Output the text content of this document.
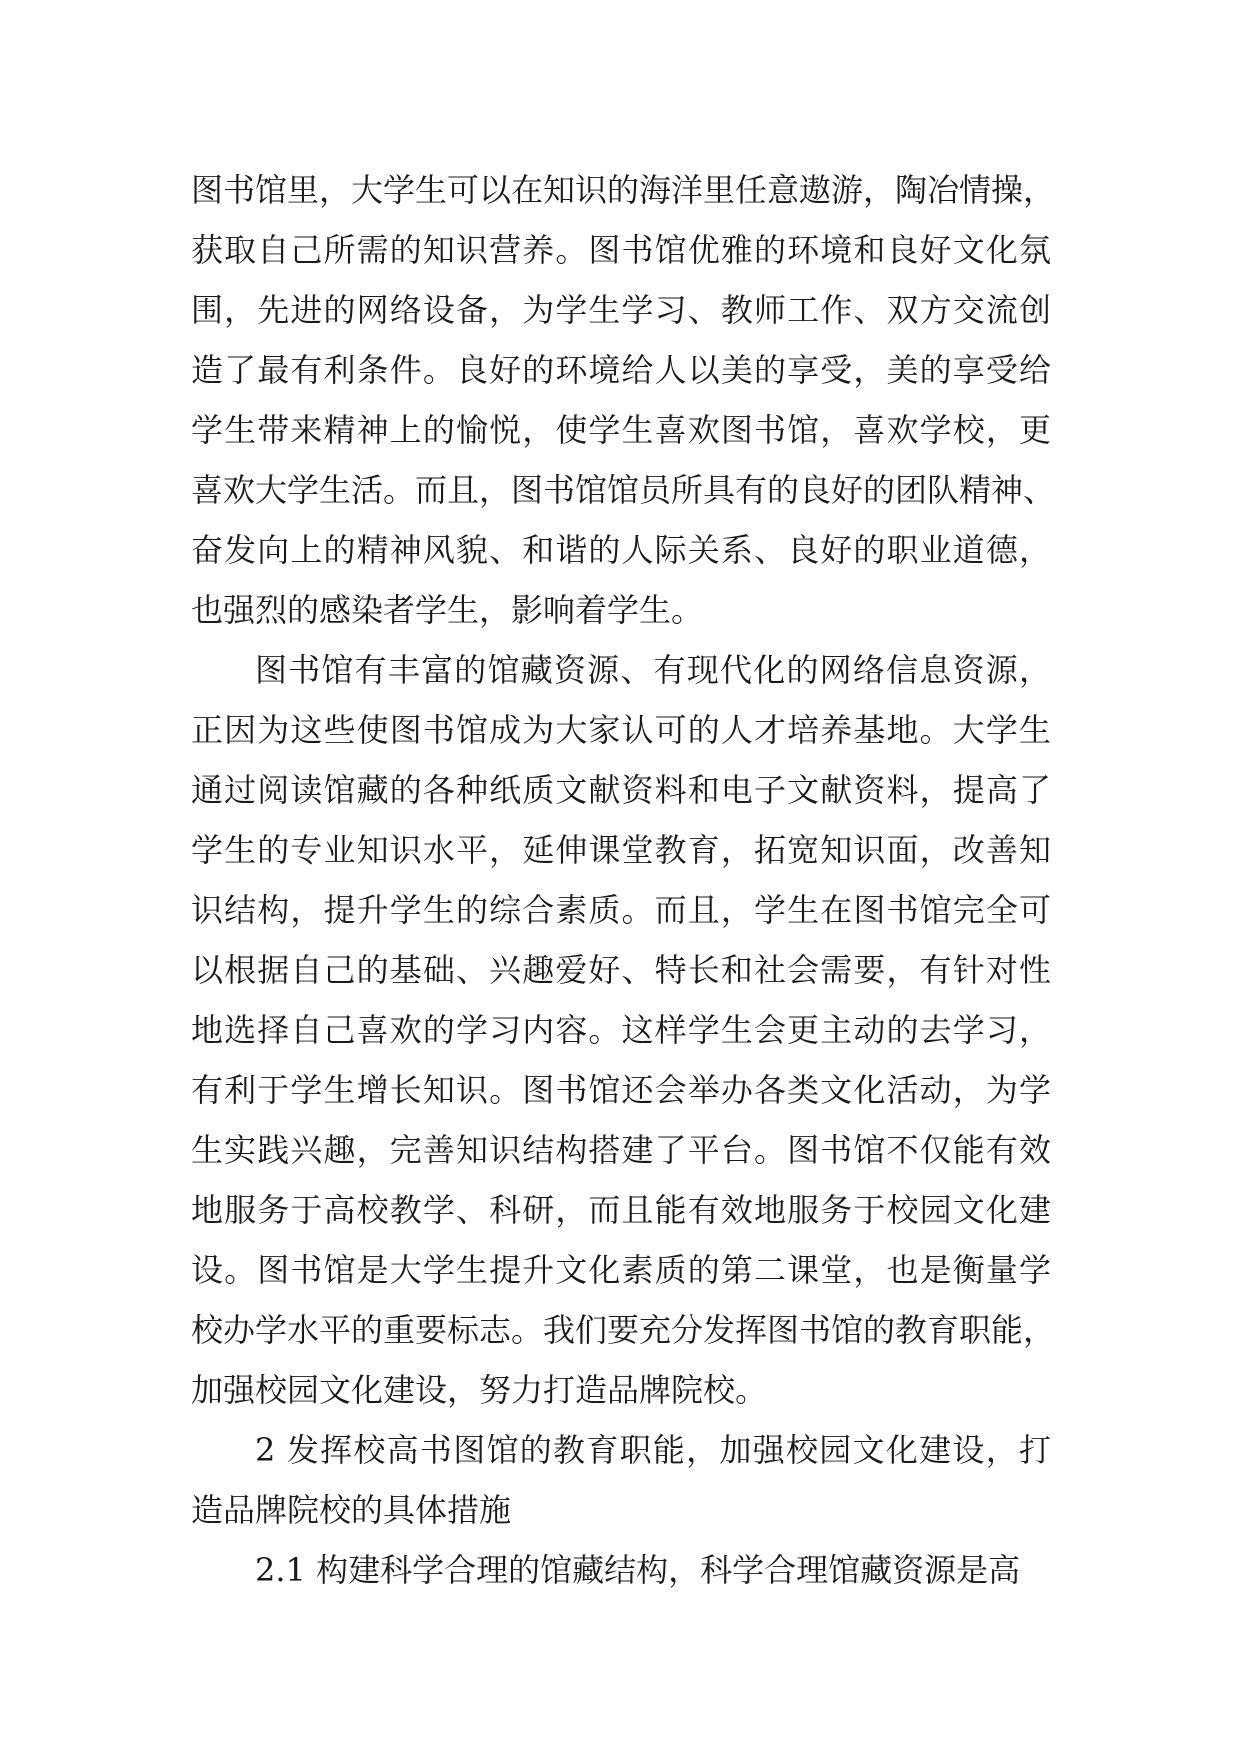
图书馆里，大学生可以在知识的海洋里任意遨游，陶冶情操，
获取自己所需的知识营养。图书馆优雅的环境和良好文化氛
围，先进的网络设备，为学生学习、教师工作、双方交流创
造了最有利条件。良好的环境给人以美的享受，美的享受给
学生带来精神上的愉悦，使学生喜欢图书馆，喜欢学校，更
喜欢大学生活。而且，图书馆馆员所具有的良好的团队精神、
奋发向上的精神风貌、和谐的人际关系、良好的职业道德，
也强烈的感染者学生，影响着学生。
图书馆有丰富的馆藏资源、有现代化的网络信息资源，
正因为这些使图书馆成为大家认可的人才培养基地。大学生
通过阅读馆藏的各种纸质文献资料和电子文献资料，提高了
学生的专业知识水平，延伸课堂教育，拓宽知识面，改善知
识结构，提升学生的综合素质。而且，学生在图书馆完全可
以根据自己的基础、兴趣爱好、特长和社会需要，有针对性
地选择自己喜欢的学习内容。这样学生会更主动的去学习，
有利于学生增长知识。图书馆还会举办各类文化活动，为学
生实践兴趣，完善知识结构搭建了平台。图书馆不仅能有效
地服务于高校教学、科研，而且能有效地服务于校园文化建
设。图书馆是大学生提升文化素质的第二课堂，也是衡量学
校办学水平的重要标志。我们要充分发挥图书馆的教育职能，
加强校园文化建设，努力打造品牌院校。
2 发挥校高书图馆的教育职能，加强校园文化建设，打
造品牌院校的具体措施
2.1 构建科学合理的馆藏结构，科学合理馆藏资源是高
